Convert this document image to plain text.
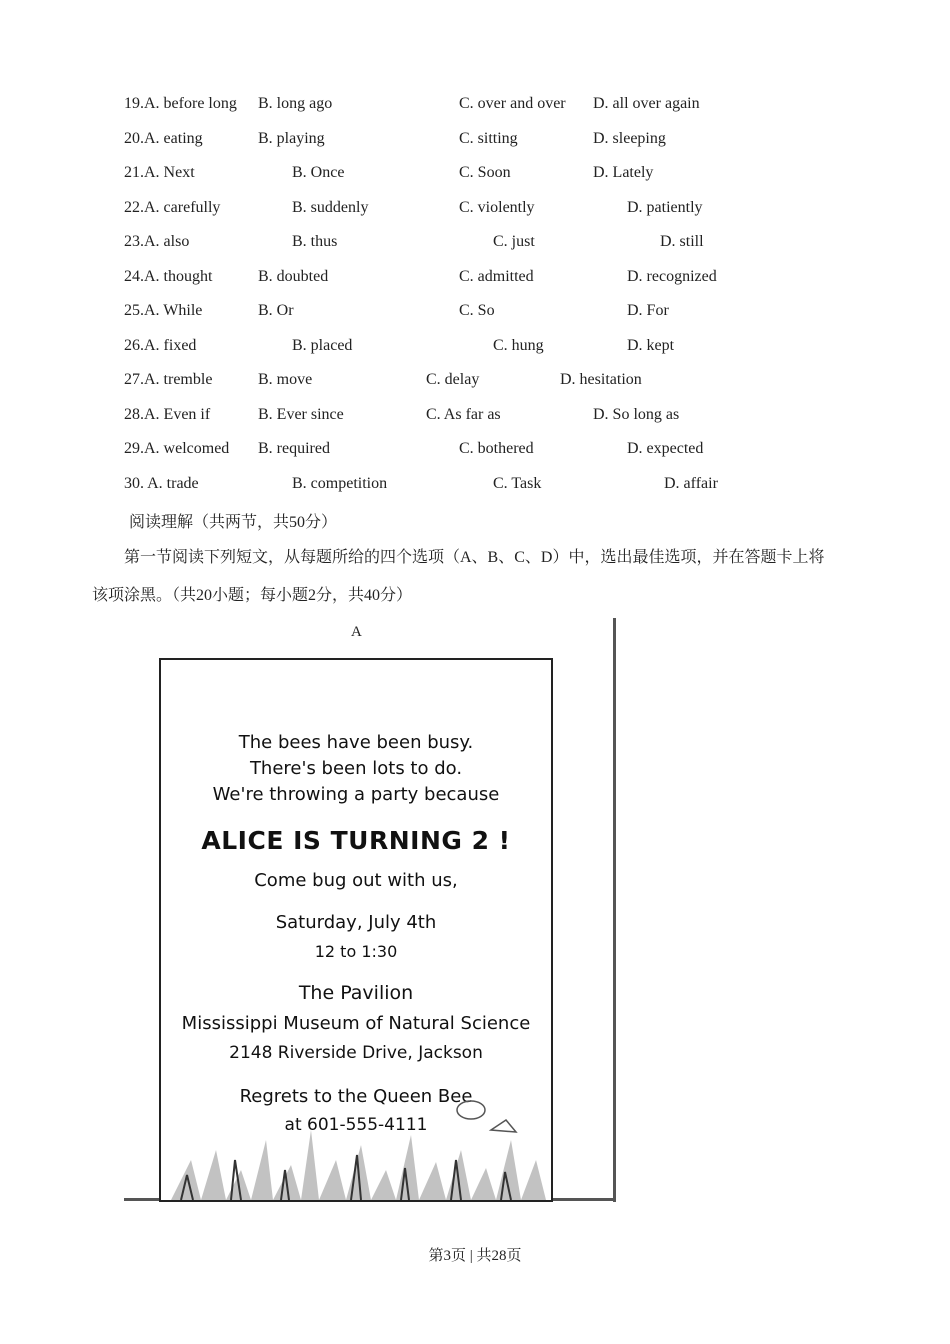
19.A. before long B. long ago	C. over and over D. all over again
20.A. eating	B. playing	C. sitting	D. sleeping
21.A. Next	B. Once	C. Soon	D. Lately
22.A. carefully	B. suddenly	C. violently	D. patiently
23.A. also	B. thus	C. just	D. still
24.A. thought	B. doubted	C. admitted	D. recognized
25.A. While	B. Or	C. So	D. For
26.A. fixed	B. placed	C. hung	D. kept
27.A. tremble	B. move	C. delay	D. hesitation
28.A. Even if	B. Ever since	C. As far as	D. So long as
29.A. welcomed B. required	C. bothered	D. expected
30. A. trade	B. competition	C. Task	D. affair
阅读理解（共两节，共50分）
第一节阅读下列短文，从每题所给的四个选项（A、B、C、D）中，选出最佳选项，并在答题卡上将
该项涂黑。（共20小题；每小题2分，共40分）
A
The bees have been busy.
There's been lots to do.
We're throwing a party because
ALICE IS TURNING 2 !
Come bug out with us,
Saturday, July 4th
12 to 1:30
The Pavilion
Mississippi Museum of Natural Science
2148 Riverside Drive, Jackson
Regrets to the Queen Bee
at 601-555-4111
第3页 | 共28页
